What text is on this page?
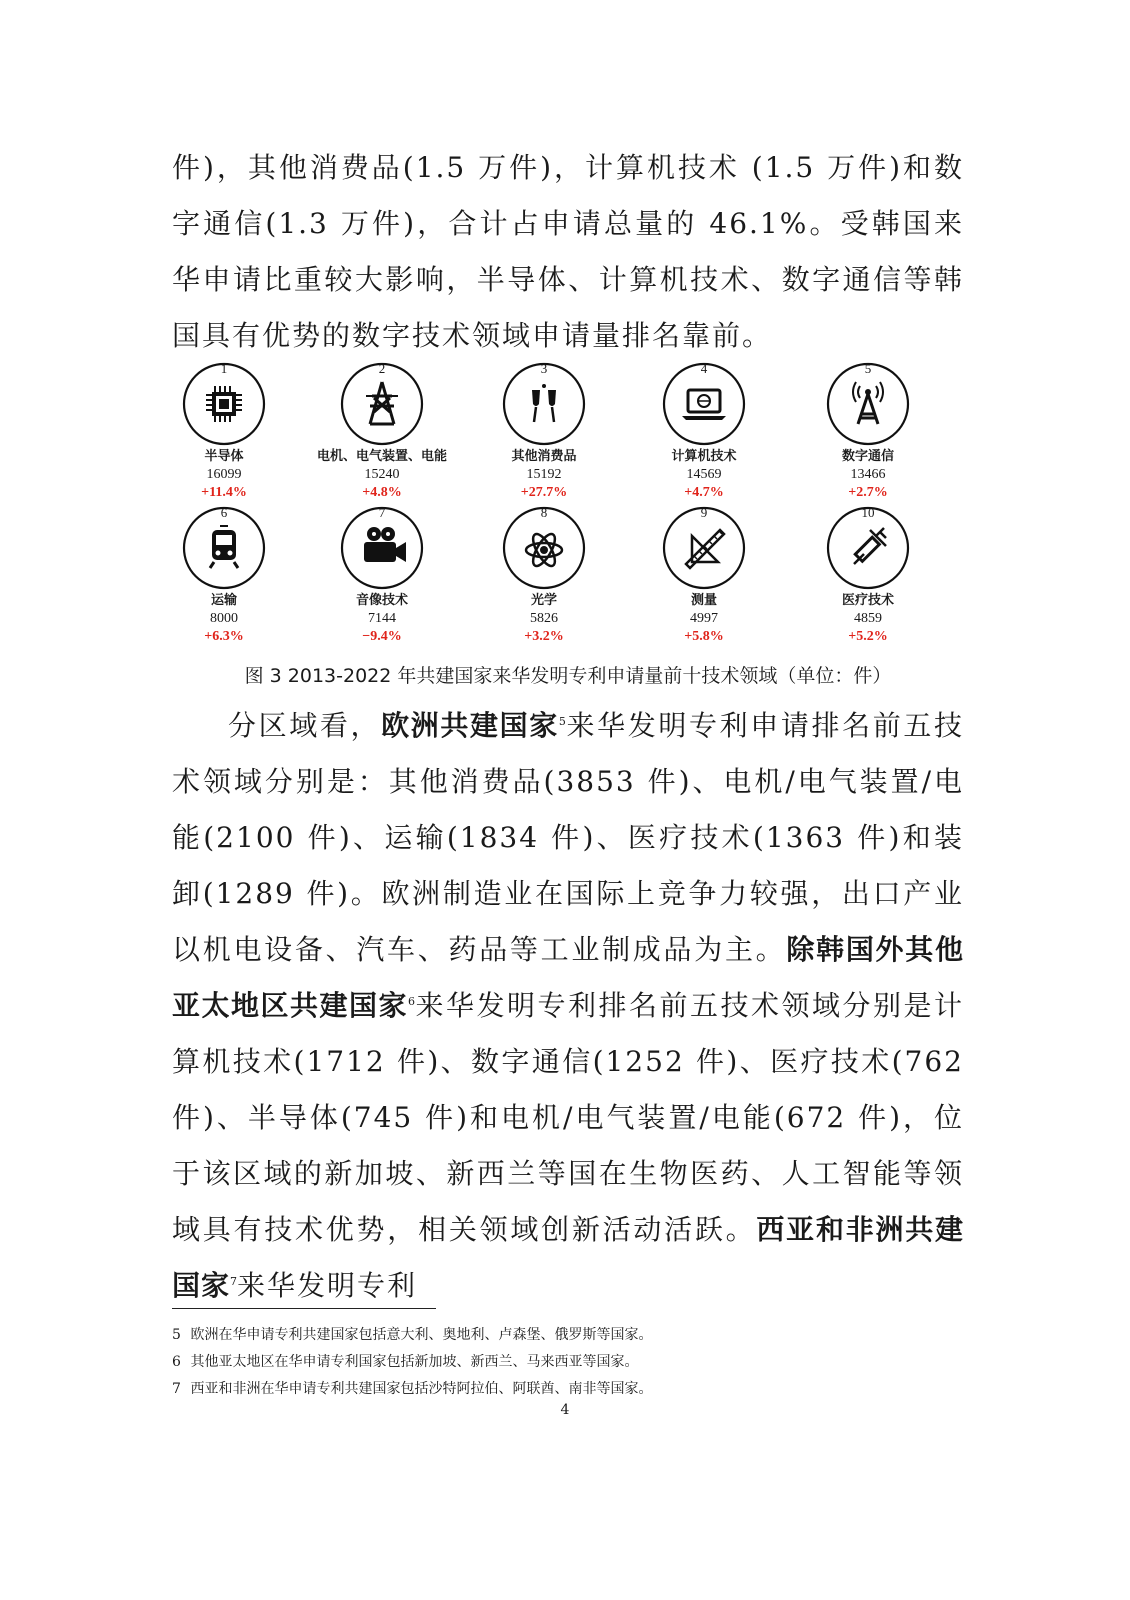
件)，其他消费品(1.5 万件)，计算机技术 (1.5 万件)和数字通信(1.3 万件)，合计占申请总量的 46.1%。受韩国来华申请比重较大影响，半导体、计算机技术、数字通信等韩国具有优势的数字技术领域申请量排名靠前。

1
半导体
16099
+11.4%
2
电机、电气装置、电能
15240
+4.8%
3
其他消费品
15192
+27.7%
4
计算机技术
14569
+4.7%
5
数字通信
13466
+2.7%
6
运输
8000
+6.3%
7
音像技术
7144
−9.4%
8
光学
5826
+3.2%
9
测量
4997
+5.8%
10
医疗技术
4859
+5.2%
图 3 2013-2022 年共建国家来华发明专利申请量前十技术领域（单位：件）

分区域看，欧洲共建国家$^5$来华发明专利申请排名前五技术领域分别是：其他消费品(3853 件)、电机/电气装置/电能(2100 件)、运输(1834 件)、医疗技术(1363 件)和装卸(1289 件)。欧洲制造业在国际上竞争力较强，出口产业以机电设备、汽车、药品等工业制成品为主。除韩国外其他亚太地区共建国家$^6$来华发明专利排名前五技术领域分别是计算机技术(1712 件)、数字通信(1252 件)、医疗技术(762 件)、半导体(745 件)和电机/电气装置/电能(672 件)，位于该区域的新加坡、新西兰等国在生物医药、人工智能等领域具有技术优势，相关领域创新活动活跃。西亚和非洲共建国家$^7$来华发明专利

5 欧洲在华申请专利共建国家包括意大利、奥地利、卢森堡、俄罗斯等国家。
6 其他亚太地区在华申请专利国家包括新加坡、新西兰、马来西亚等国家。
7 西亚和非洲在华申请专利共建国家包括沙特阿拉伯、阿联酋、南非等国家。
4
